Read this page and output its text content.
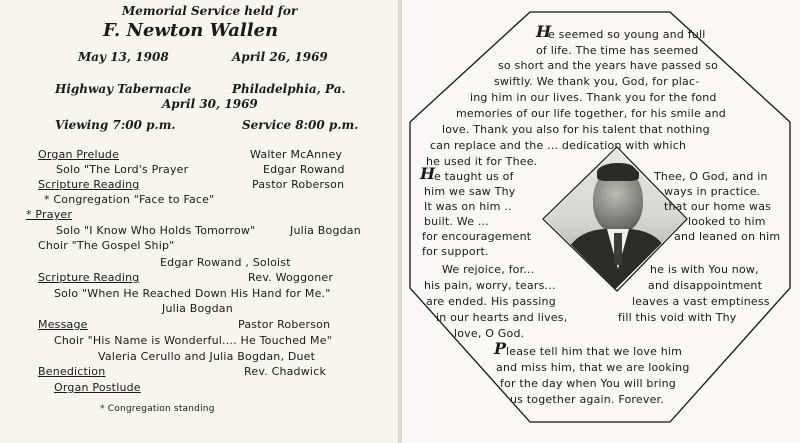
Memorial Service held for
F. Newton Wallen
May 13, 1908	April 26, 1969
Highway Tabernacle	Philadelphia, Pa.
April 30, 1969
Viewing 7:00 p.m.	Service 8:00 p.m.
Organ Prelude	Walter McAnney
Solo "The Lord's Prayer	Edgar Rowand
Scripture Reading	Pastor Roberson
* Congregation "Face to Face"
* Prayer
Solo "I Know Who Holds Tomorrow"	Julia Bogdan
Choir "The Gospel Ship"
Edgar Rowand , Soloist
Scripture Reading	Rev. Woggoner
Solo "When He Reached Down His Hand for Me."
Julia Bogdan
Message	Pastor Roberson
Choir "His Name is Wonderful.... He Touched Me"
Valeria Cerullo and Julia Bogdan, Duet
Benediction	Rev. Chadwick
Organ Postlude
* Congregation standing
H
e seemed so young and full
of life. The time has seemed
so short and the years have passed so
swiftly. We thank you, God, for plac-
ing him in our lives. Thank you for the fond
memories of our life together, for his smile and
love. Thank you also for his talent that nothing
can replace and the ... dedication with which
he used it for Thee.
H
e taught us of
him we saw Thy
It was on him ..
built. We ...
for encouragement
for support.
Thee, O God, and in
ways in practice.
that our home was
looked to him
and leaned on him
We rejoice, for...
his pain, worry, tears...
are ended. His passing
in our hearts and lives,
love, O God.
he is with You now,
and disappointment
leaves a vast emptiness
fill this void with Thy
P lease tell him that we love him
and miss him, that we are looking
for the day when You will bring
us together again. Forever.
